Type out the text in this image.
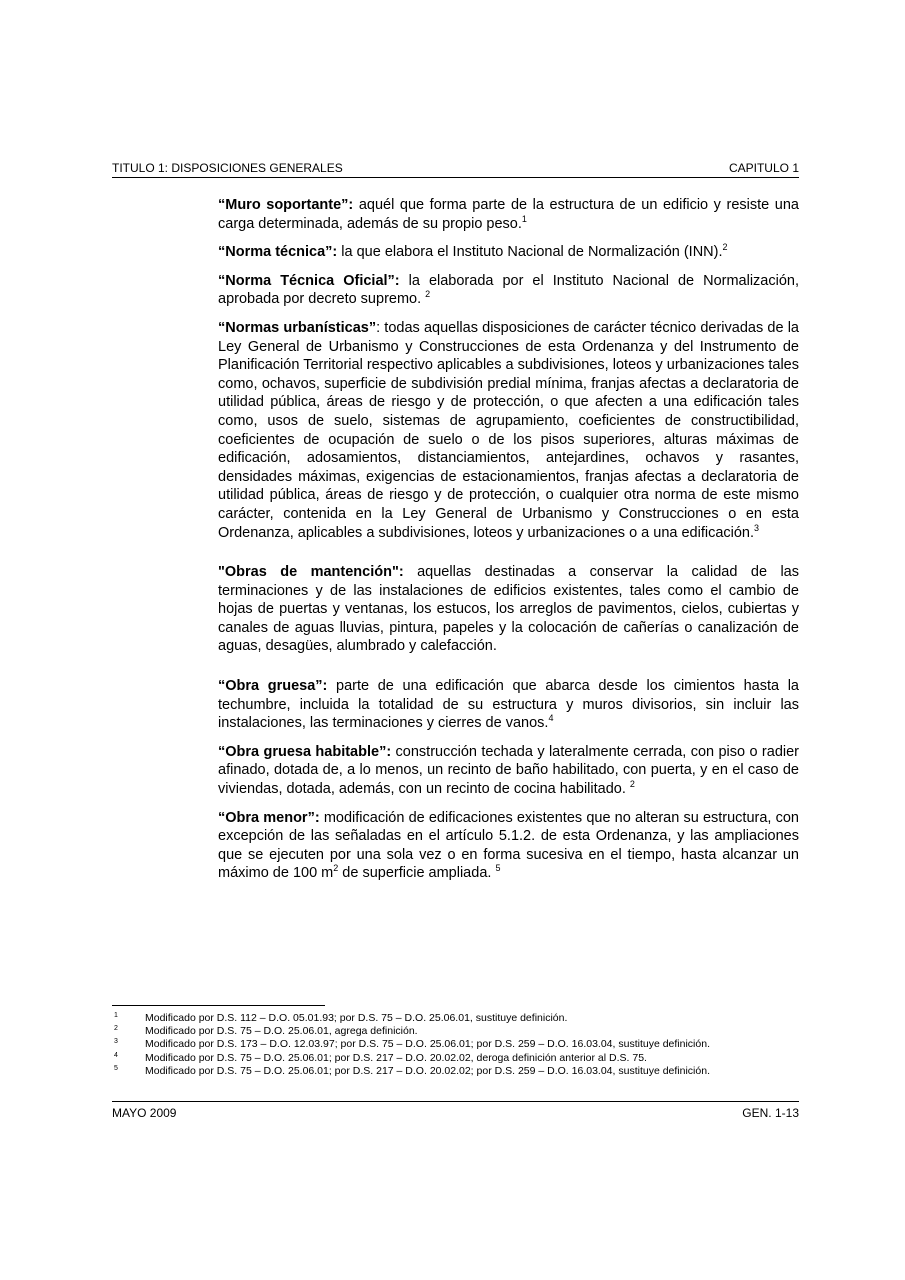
TITULO 1: DISPOSICIONES GENERALES	CAPITULO 1

“Muro soportante”: aquél que forma parte de la estructura de un edificio y resiste una carga determinada, además de su propio peso.$^1$

“Norma técnica”: la que elabora el Instituto Nacional de Normalización (INN).$^2$

“Norma Técnica Oficial”: la elaborada por el Instituto Nacional de Normalización, aprobada por decreto supremo. $^2$

“Normas urbanísticas”: todas aquellas disposiciones de carácter técnico derivadas de la Ley General de Urbanismo y Construcciones de esta Ordenanza y del Instrumento de Planificación Territorial respectivo aplicables a subdivisiones, loteos y urbanizaciones tales como, ochavos, superficie de subdivisión predial mínima, franjas afectas a declaratoria de utilidad pública, áreas de riesgo y de protección, o que afecten a una edificación tales como, usos de suelo, sistemas de agrupamiento, coeficientes de constructibilidad, coeficientes de ocupación de suelo o de los pisos superiores, alturas máximas de edificación, adosamientos, distanciamientos, antejardines, ochavos y rasantes, densidades máximas, exigencias de estacionamientos, franjas afectas a declaratoria de utilidad pública, áreas de riesgo y de protección, o cualquier otra norma de este mismo carácter, contenida en la Ley General de Urbanismo y Construcciones o en esta Ordenanza, aplicables a subdivisiones, loteos y urbanizaciones o a una edificación.$^3$

"Obras de mantención": aquellas destinadas a conservar la calidad de las terminaciones y de las instalaciones de edificios existentes, tales como el cambio de hojas de puertas y ventanas, los estucos, los arreglos de pavimentos, cielos, cubiertas y canales de aguas lluvias, pintura, papeles y la colocación de cañerías o canalización de aguas, desagües, alumbrado y calefacción.

“Obra gruesa”: parte de una edificación que abarca desde los cimientos hasta la techumbre, incluida la totalidad de su estructura y muros divisorios, sin incluir las instalaciones, las terminaciones y cierres de vanos.$^4$

“Obra gruesa habitable”: construcción techada y lateralmente cerrada, con piso o radier afinado, dotada de, a lo menos, un recinto de baño habilitado, con puerta, y en el caso de viviendas, dotada, además, con un recinto de cocina habilitado. $^2$

“Obra menor”: modificación de edificaciones existentes que no alteran su estructura, con excepción de las señaladas en el artículo 5.1.2. de esta Ordenanza, y las ampliaciones que se ejecuten por una sola vez o en forma sucesiva en el tiempo, hasta alcanzar un máximo de 100 $m^2$ de superficie ampliada. $^5$

1	Modificado por D.S. 112 – D.O. 05.01.93; por D.S. 75 – D.O. 25.06.01, sustituye definición.
2	Modificado por D.S. 75 – D.O. 25.06.01, agrega definición.
3	Modificado por D.S. 173 – D.O. 12.03.97; por D.S. 75 – D.O. 25.06.01; por D.S. 259 – D.O. 16.03.04, sustituye definición.
4	Modificado por D.S. 75 – D.O. 25.06.01; por D.S. 217 – D.O. 20.02.02, deroga definición anterior al D.S. 75.
5	Modificado por D.S. 75 – D.O. 25.06.01; por D.S. 217 – D.O. 20.02.02; por D.S. 259 – D.O. 16.03.04, sustituye definición.
MAYO 2009	GEN. 1-13
